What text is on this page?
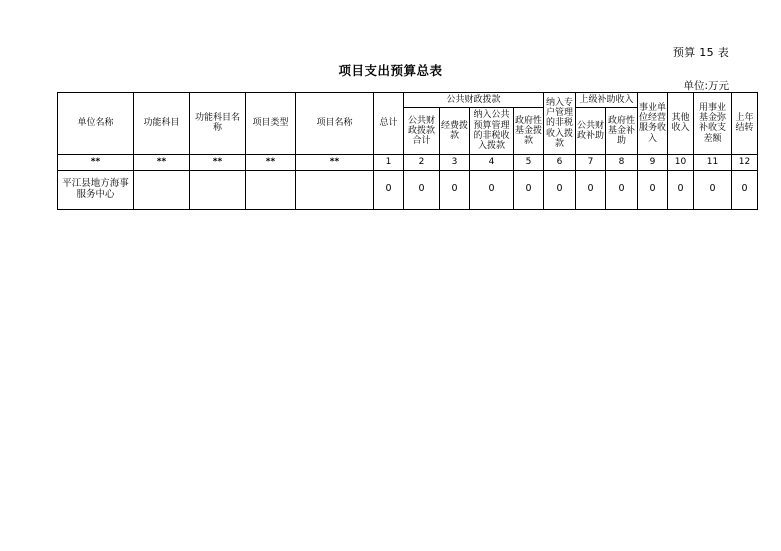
预算 15 表
项目支出预算总表
单位:万元
单位名称	功能科目	功能科目名称	项目类型	项目名称	总计	公共财政拨款				纳入专户管理的非税收入拨款	上级补助收入		事业单位经营服务收入	其他收入	用事业基金弥补收支差额	上年结转
						公共财政拨款合计	经费拨款	纳入公共预算管理的非税收入拨款	政府性基金拨款		公共财政补助	政府性基金补助				

**	**	**	**	**	1	2	3	4	5	6	7	8	9	10	11	12
平江县地方海事服务中心					0	0	0	0	0	0	0	0	0	0	0	0
